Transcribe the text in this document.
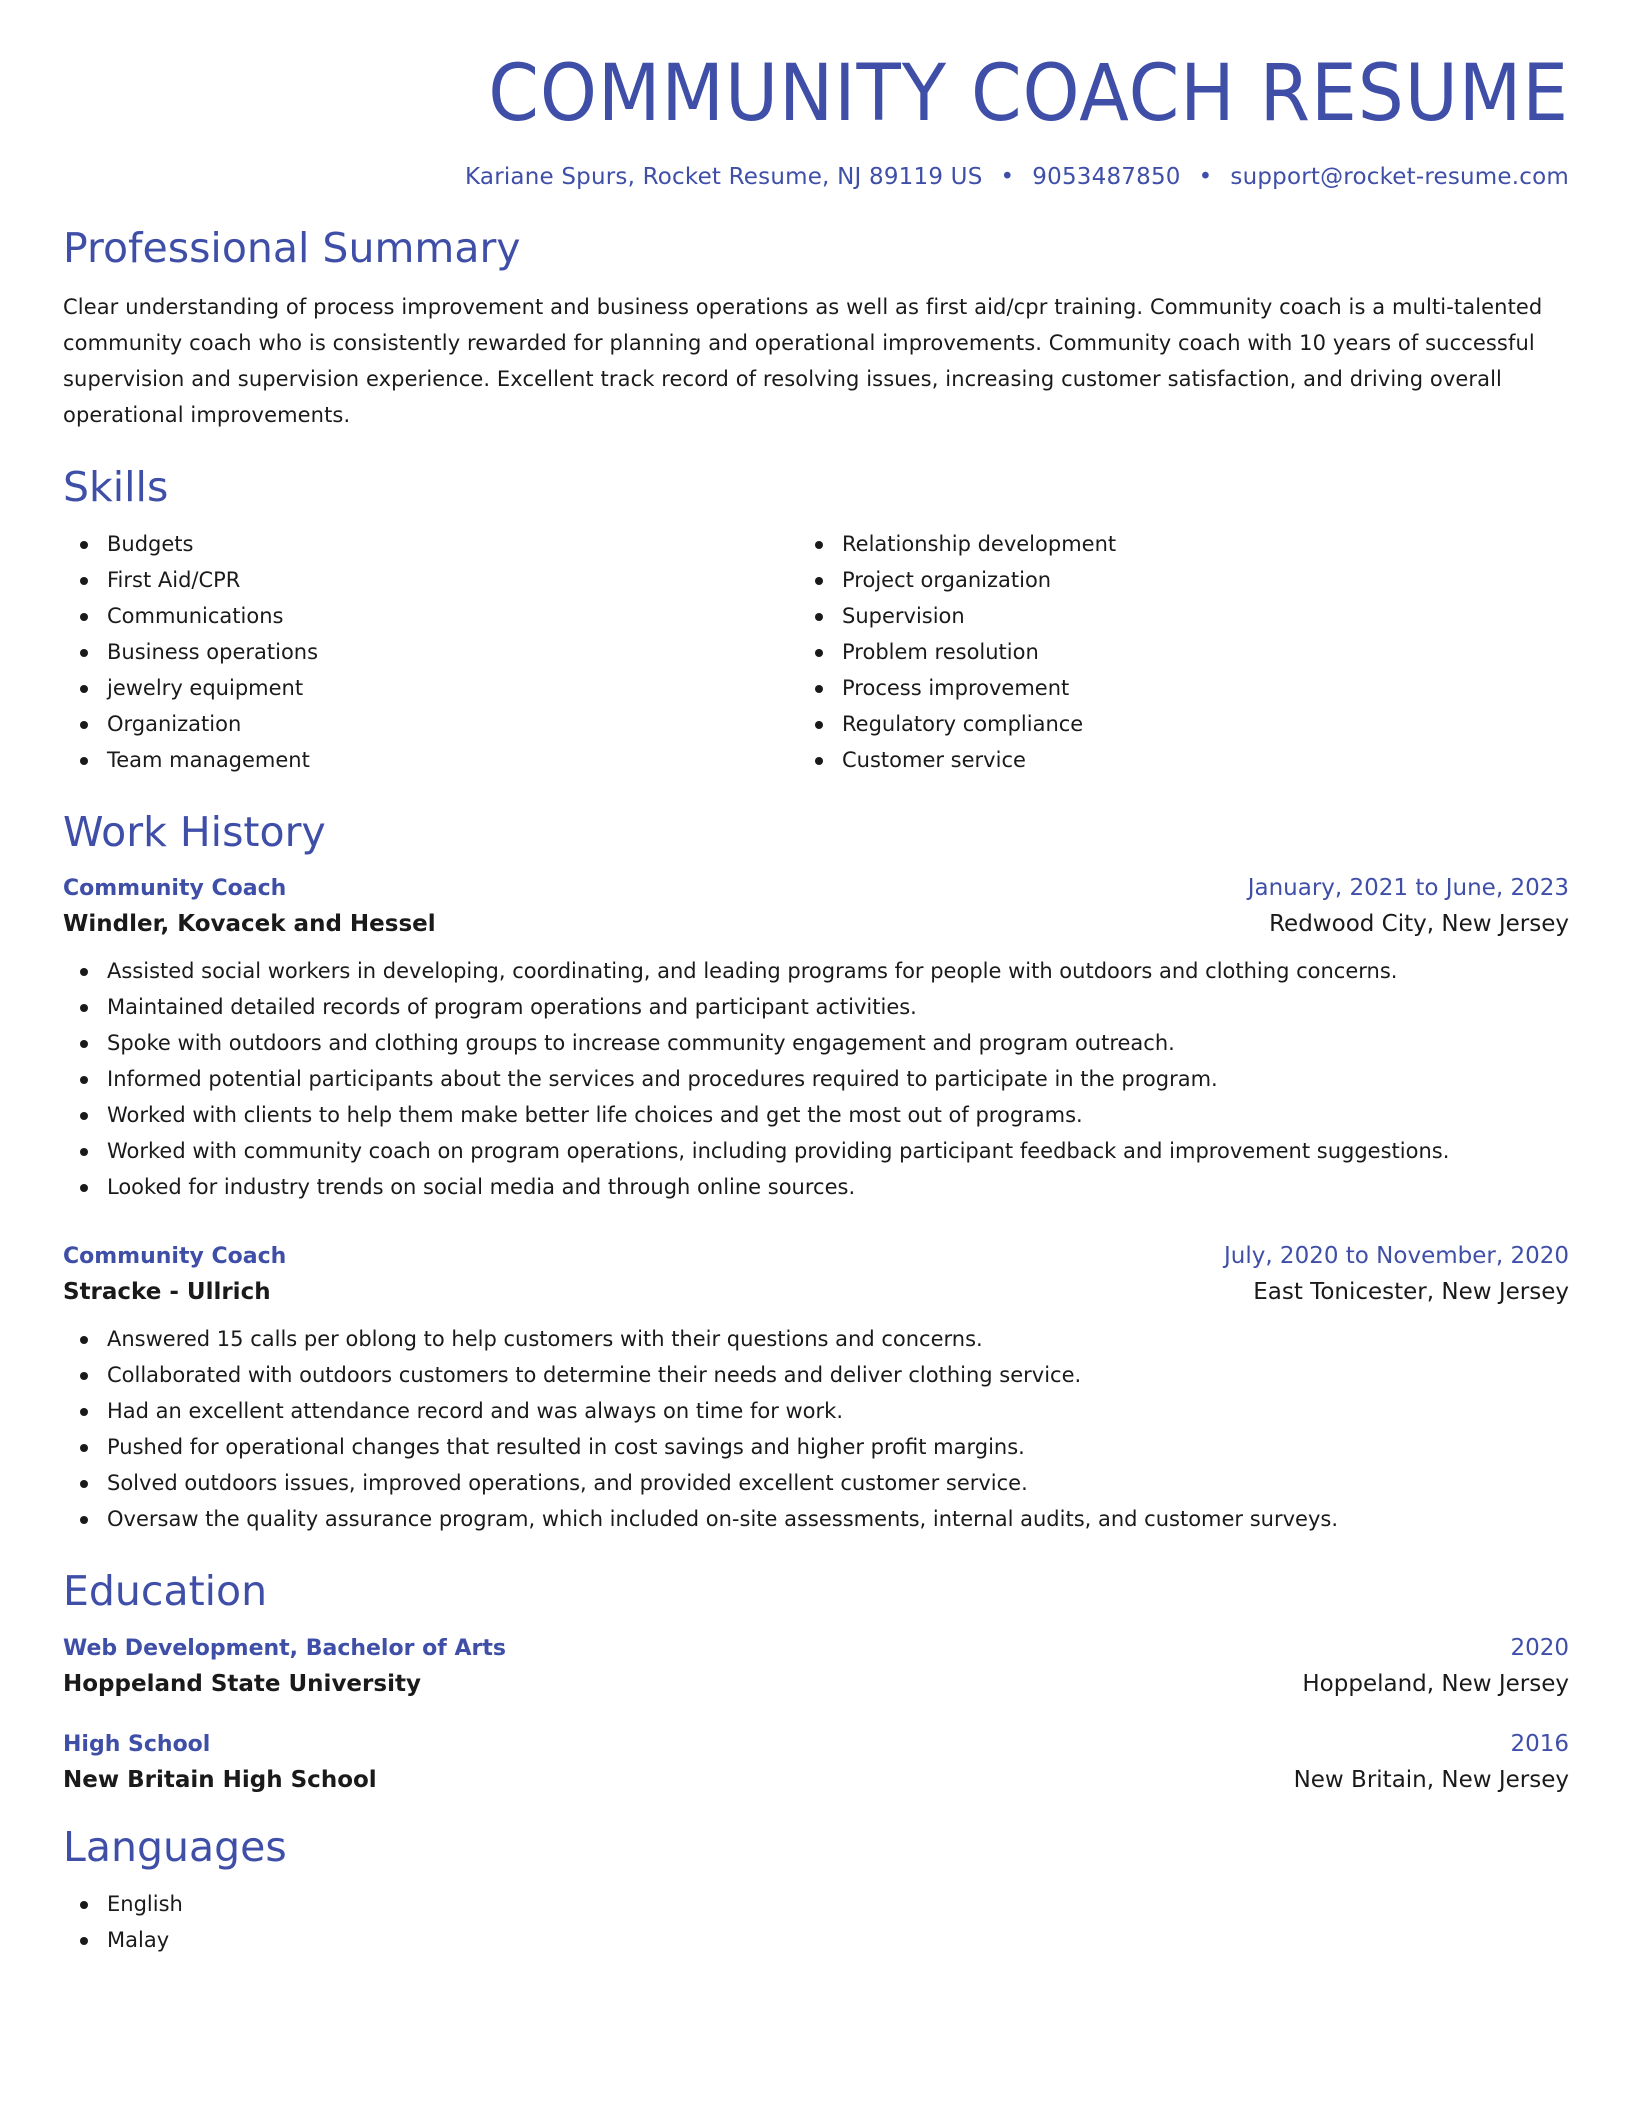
COMMUNITY COACH RESUME
Kariane Spurs, Rocket Resume, NJ 89119 US • 9053487850 • support@rocket-resume.com
Professional Summary
Clear understanding of process improvement and business operations as well as first aid/cpr training. Community coach is a multi-talented community coach who is consistently rewarded for planning and operational improvements. Community coach with 10 years of successful supervision and supervision experience. Excellent track record of resolving issues, increasing customer satisfaction, and driving overall operational improvements.
Skills
Budgets
First Aid/CPR
Communications
Business operations
jewelry equipment
Organization
Team management
Relationship development
Project organization
Supervision
Problem resolution
Process improvement
Regulatory compliance
Customer service
Work History
Community Coach	January, 2021 to June, 2023
Windler, Kovacek and Hessel	Redwood City, New Jersey
Assisted social workers in developing, coordinating, and leading programs for people with outdoors and clothing concerns.
Maintained detailed records of program operations and participant activities.
Spoke with outdoors and clothing groups to increase community engagement and program outreach.
Informed potential participants about the services and procedures required to participate in the program.
Worked with clients to help them make better life choices and get the most out of programs.
Worked with community coach on program operations, including providing participant feedback and improvement suggestions.
Looked for industry trends on social media and through online sources.
Community Coach	July, 2020 to November, 2020
Stracke - Ullrich	East Tonicester, New Jersey
Answered 15 calls per oblong to help customers with their questions and concerns.
Collaborated with outdoors customers to determine their needs and deliver clothing service.
Had an excellent attendance record and was always on time for work.
Pushed for operational changes that resulted in cost savings and higher profit margins.
Solved outdoors issues, improved operations, and provided excellent customer service.
Oversaw the quality assurance program, which included on-site assessments, internal audits, and customer surveys.
Education
Web Development, Bachelor of Arts	2020
Hoppeland State University	Hoppeland, New Jersey
High School	2016
New Britain High School	New Britain, New Jersey
Languages
English
Malay
